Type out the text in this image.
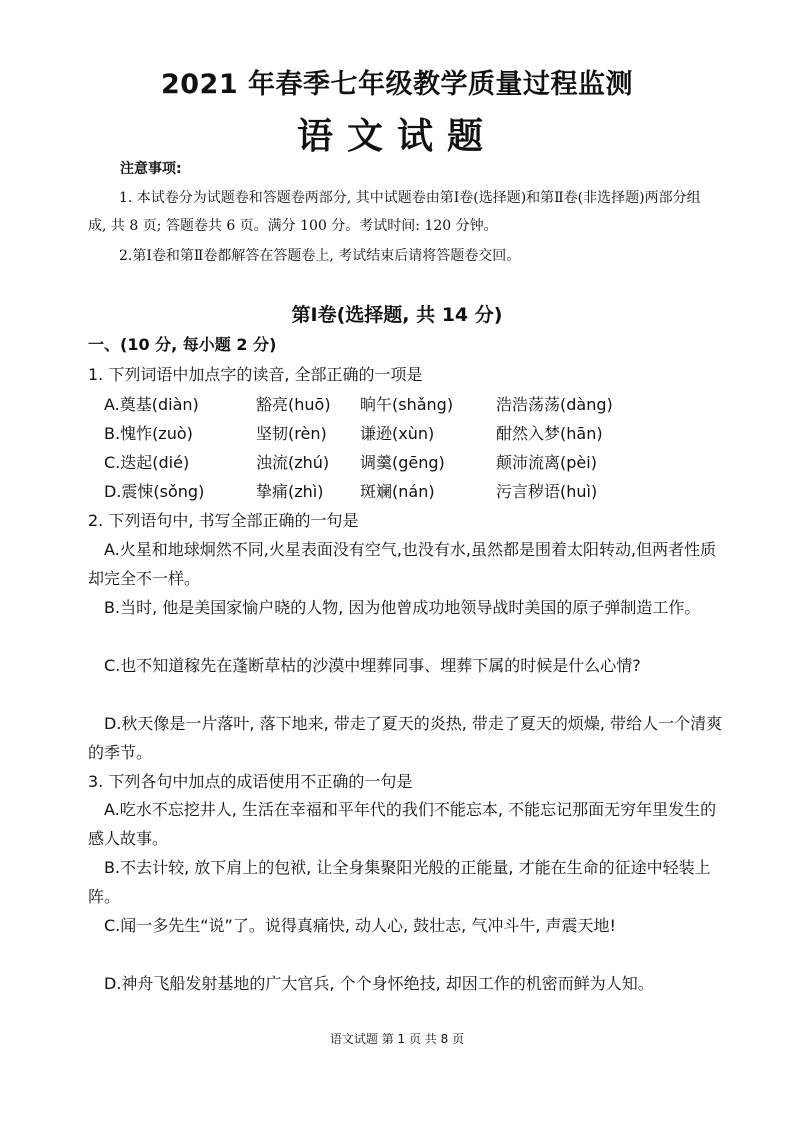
2021 年春季七年级教学质量过程监测
语文试题
注意事项:
1. 本试卷分为试题卷和答题卷两部分, 其中试题卷由第Ⅰ卷(选择题)和第Ⅱ卷(非选择题)两部分组成, 共 8 页; 答题卷共 6 页。满分 100 分。考试时间: 120 分钟。
2.第Ⅰ卷和第Ⅱ卷都解答在答题卷上, 考试结束后请将答题卷交回。
第Ⅰ卷(选择题, 共 14 分)
一、(10 分, 每小题 2 分)
1. 下列词语中加点字的读音, 全部正确的一项是
A.奠基(diàn)	豁亮(huō)	晌午(shǎng)	浩浩荡荡(dàng)
B.愧怍(zuò)	坚韧(rèn)	谦逊(xùn)	酣然入梦(hān)
C.迭起(dié)	浊流(zhú)	调羹(gēng)	颠沛流离(pèi)
D.震悚(sǒng)	挚痛(zhì)	斑斓(nán)	污言秽语(huì)
2. 下列语句中, 书写全部正确的一句是
A.火星和地球炯然不同,火星表面没有空气,也没有水,虽然都是围着太阳转动,但两者性质却完全不一样。
B.当时, 他是美国家愉户晓的人物, 因为他曾成功地领导战时美国的原子弹制造工作。
C.也不知道稼先在蓬断草枯的沙漠中埋葬同事、埋葬下属的时候是什么心情?
D.秋天像是一片落叶, 落下地来, 带走了夏天的炎热, 带走了夏天的烦燥, 带给人一个清爽的季节。
3. 下列各句中加点的成语使用不正确的一句是
A.吃水不忘挖井人, 生活在幸福和平年代的我们不能忘本, 不能忘记那面无穷年里发生的感人故事。
B.不去计较, 放下肩上的包袱, 让全身集聚阳光般的正能量, 才能在生命的征途中轻装上阵。
C.闻一多先生“说”了。说得真痛快, 动人心, 鼓壮志, 气冲斗牛, 声震天地!
D.神舟飞船发射基地的广大官兵, 个个身怀绝技, 却因工作的机密而鲜为人知。
语文试题 第 1 页 共 8 页
